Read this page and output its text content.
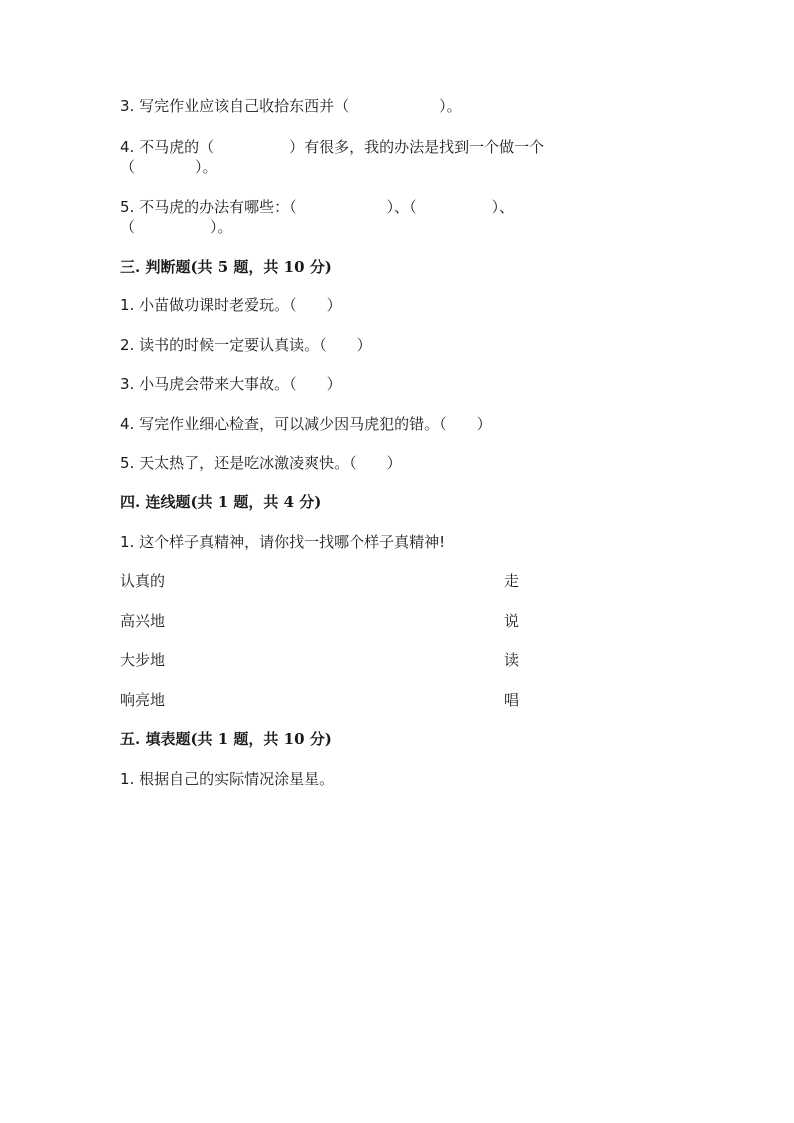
3. 写完作业应该自己收拾东西并（　　　　　　）。
4. 不马虎的（　　　　　）有很多，我的办法是找到一个做一个
（　　　　）。
5. 不马虎的办法有哪些：（　　　　　　）、（　　　　　）、
（　　　　　）。
三. 判断题(共 5 题，共 10 分)
1. 小苗做功课时老爱玩。（　　）
2. 读书的时候一定要认真读。（　　）
3. 小马虎会带来大事故。（　　）
4. 写完作业细心检查，可以减少因马虎犯的错。（　　）
5. 天太热了，还是吃冰激凌爽快。（　　）
四. 连线题(共 1 题，共 4 分)
1. 这个样子真精神，请你找一找哪个样子真精神!
认真的	走
高兴地	说
大步地	读
响亮地	唱
五. 填表题(共 1 题，共 10 分)
1. 根据自己的实际情况涂星星。
